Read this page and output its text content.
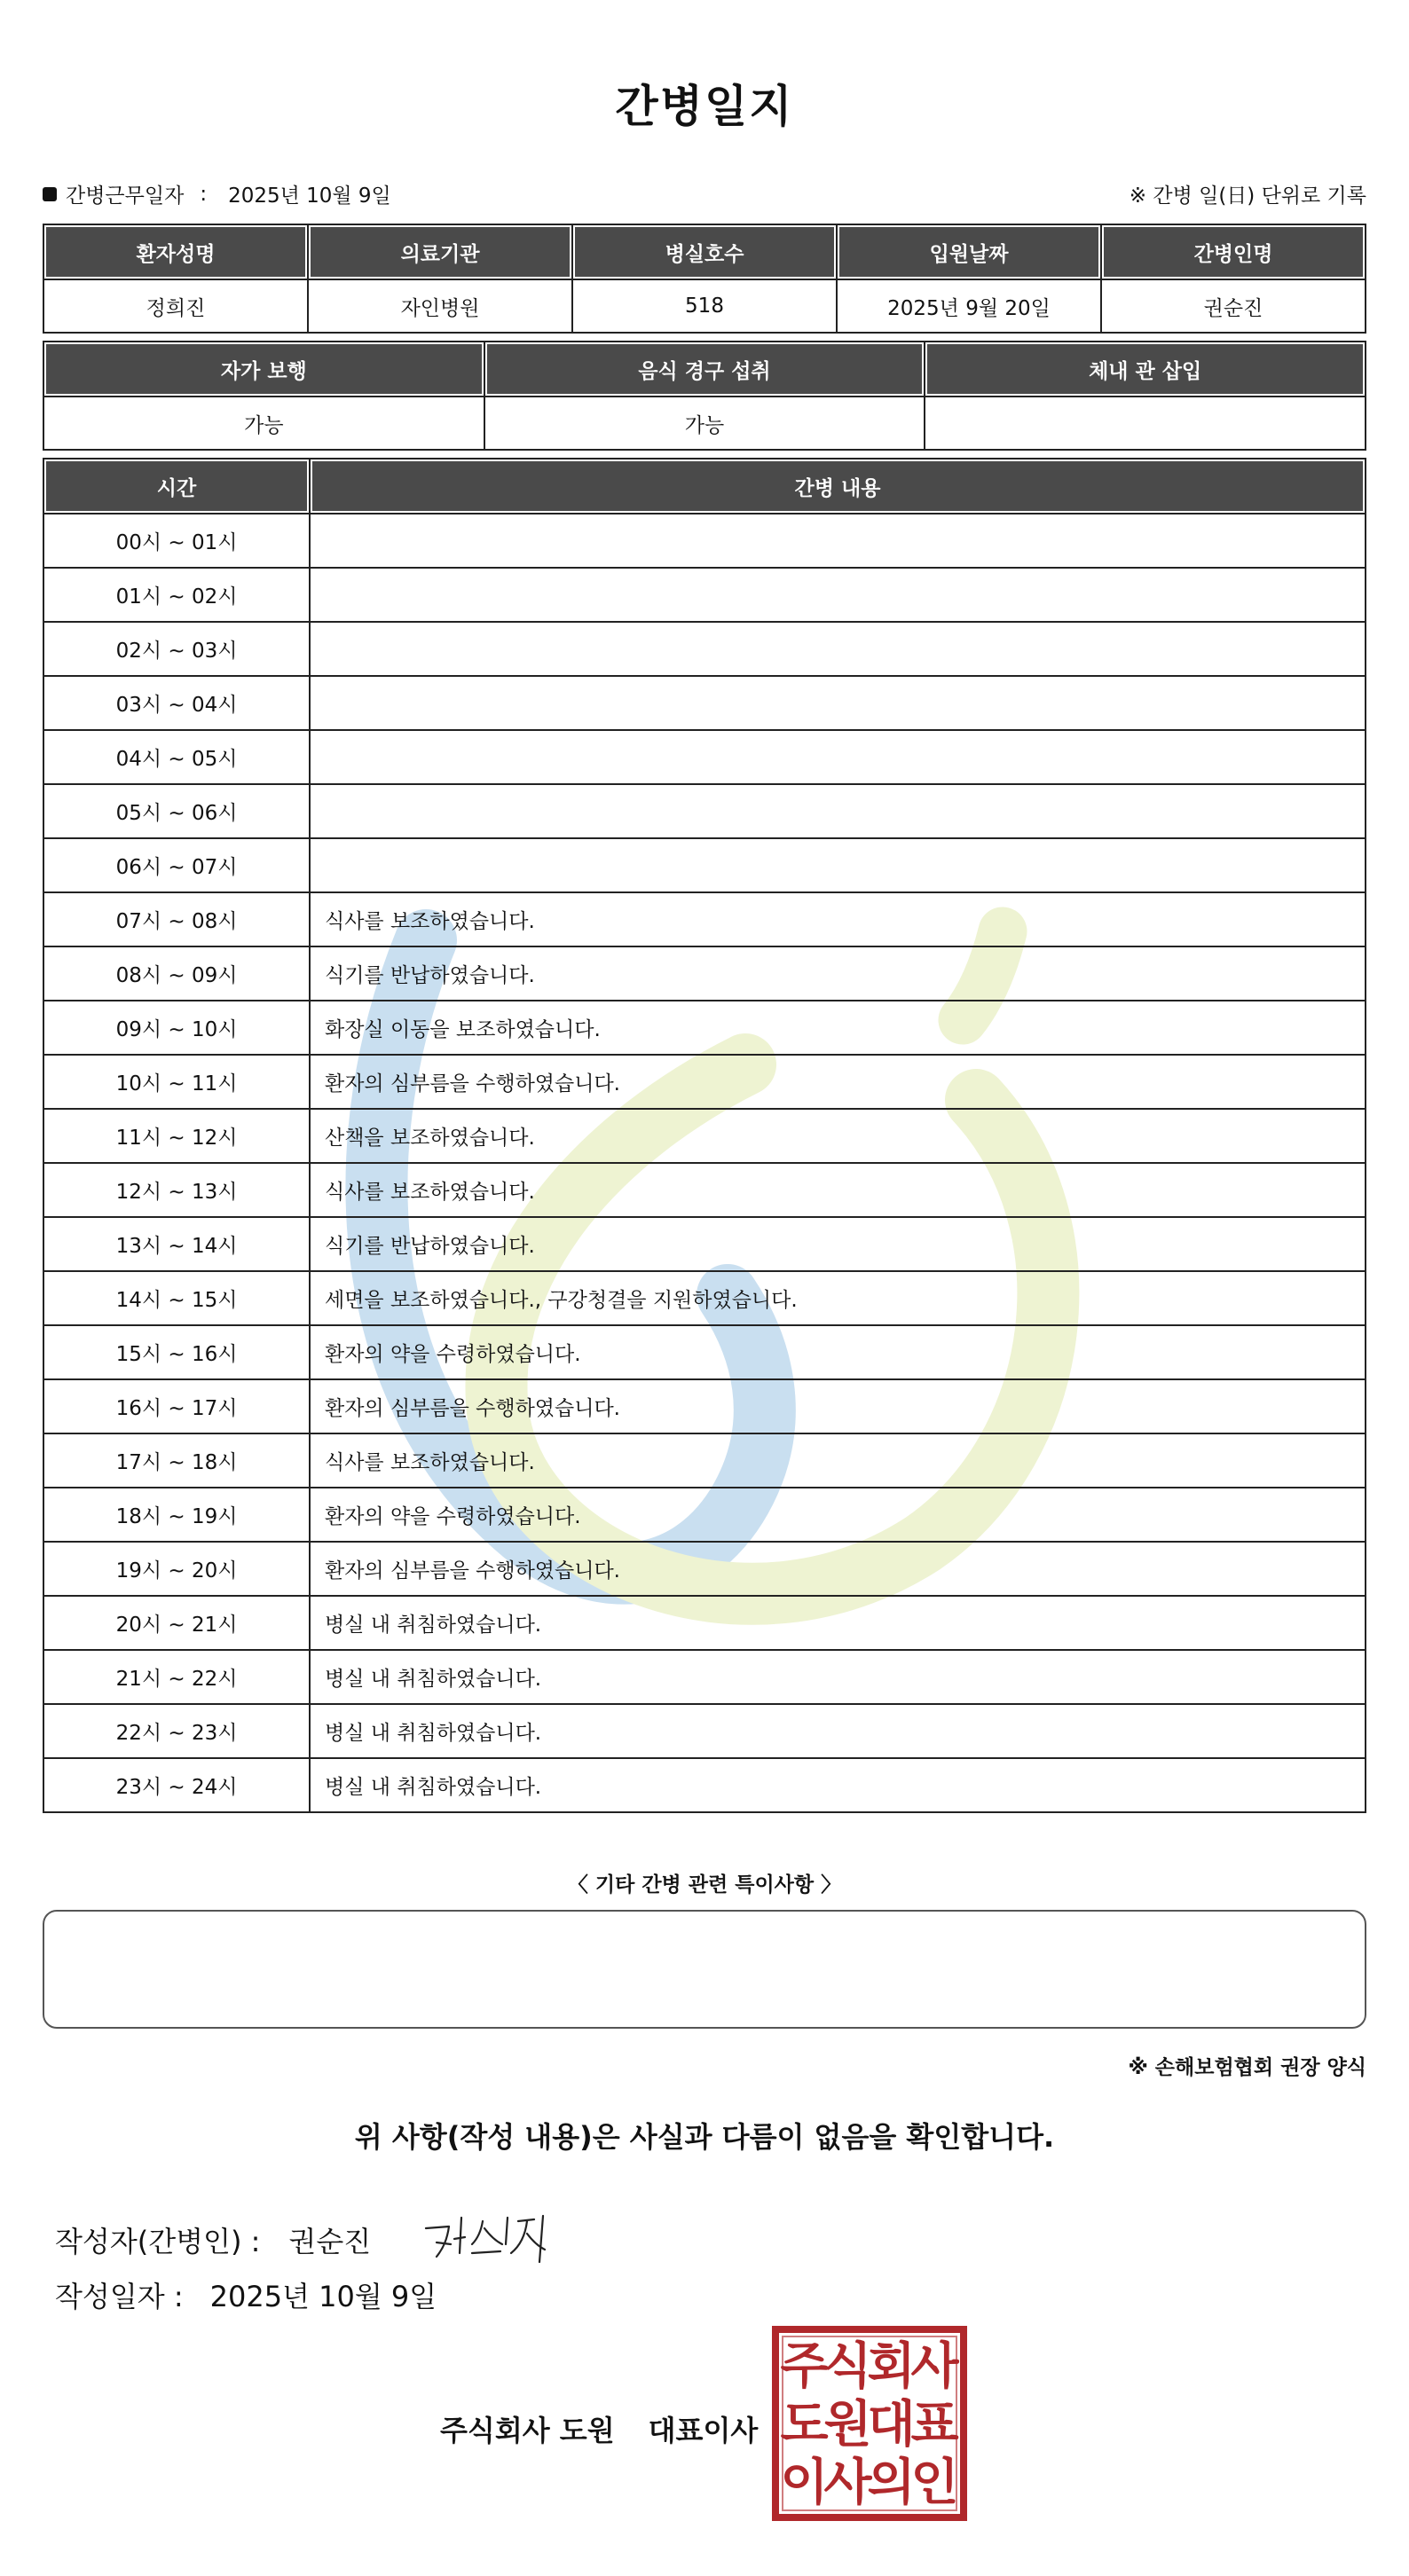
간병일지
간병근무일자 : 2025년 10월 9일	※ 간병 일(日) 단위로 기록
환자성명	의료기관	병실호수	입원날짜	간병인명
정희진	자인병원	518	2025년 9월 20일	권순진
자가 보행	음식 경구 섭취	체내 관 삽입
가능	가능	
시간	간병 내용
00시 ~ 01시	
01시 ~ 02시	
02시 ~ 03시	
03시 ~ 04시	
04시 ~ 05시	
05시 ~ 06시	
06시 ~ 07시	
07시 ~ 08시	식사를 보조하였습니다.
08시 ~ 09시	식기를 반납하였습니다.
09시 ~ 10시	화장실 이동을 보조하였습니다.
10시 ~ 11시	환자의 심부름을 수행하였습니다.
11시 ~ 12시	산책을 보조하였습니다.
12시 ~ 13시	식사를 보조하였습니다.
13시 ~ 14시	식기를 반납하였습니다.
14시 ~ 15시	세면을 보조하였습니다., 구강청결을 지원하였습니다.
15시 ~ 16시	환자의 약을 수령하였습니다.
16시 ~ 17시	환자의 심부름을 수행하였습니다.
17시 ~ 18시	식사를 보조하였습니다.
18시 ~ 19시	환자의 약을 수령하였습니다.
19시 ~ 20시	환자의 심부름을 수행하였습니다.
20시 ~ 21시	병실 내 취침하였습니다.
21시 ~ 22시	병실 내 취침하였습니다.
22시 ~ 23시	병실 내 취침하였습니다.
23시 ~ 24시	병실 내 취침하였습니다.
〈 기타 간병 관련 특이사항 〉
※ 손해보험협회 권장 양식
위 사항(작성 내용)은 사실과 다름이 없음을 확인합니다.
작성자(간병인) : 권순진
작성일자 : 2025년 10월 9일
주식회사 도원 대표이사
주
식
회
사
도
원
대
표
이
사
의
인
